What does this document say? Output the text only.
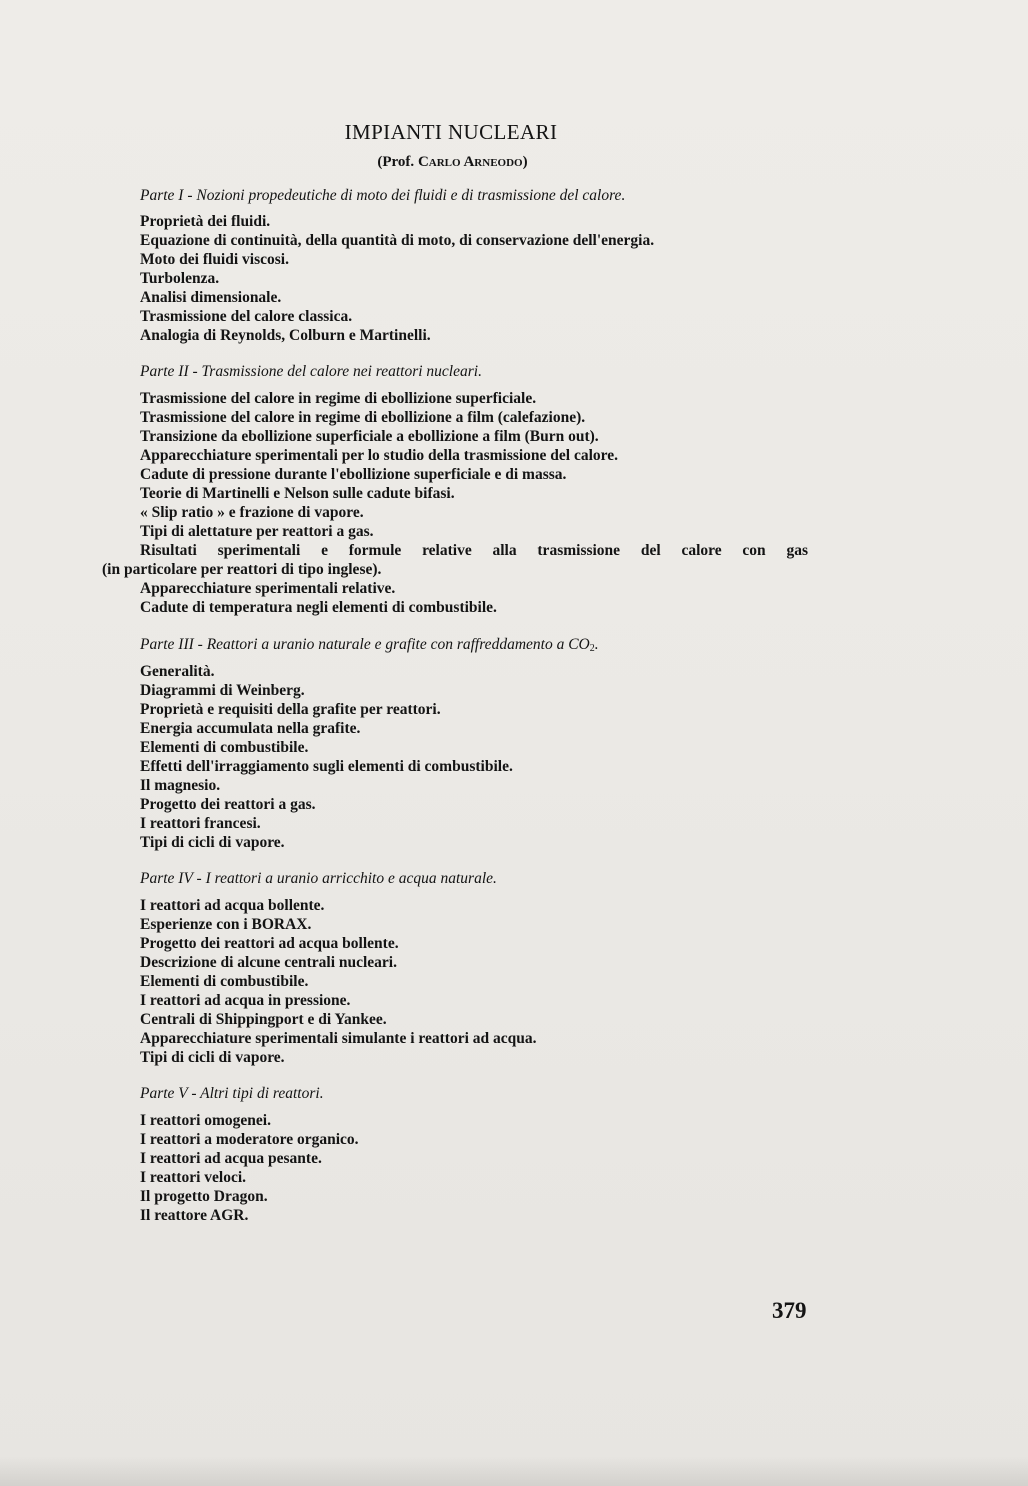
IMPIANTI NUCLEARI
(Prof. Carlo Arneodo)
Parte I - Nozioni propedeutiche di moto dei fluidi e di trasmissione del calore.
Proprietà dei fluidi.
Equazione di continuità, della quantità di moto, di conservazione dell'energia.
Moto dei fluidi viscosi.
Turbolenza.
Analisi dimensionale.
Trasmissione del calore classica.
Analogia di Reynolds, Colburn e Martinelli.
Parte II - Trasmissione del calore nei reattori nucleari.
Trasmissione del calore in regime di ebollizione superficiale.
Trasmissione del calore in regime di ebollizione a film (calefazione).
Transizione da ebollizione superficiale a ebollizione a film (Burn out).
Apparecchiature sperimentali per lo studio della trasmissione del calore.
Cadute di pressione durante l'ebollizione superficiale e di massa.
Teorie di Martinelli e Nelson sulle cadute bifasi.
« Slip ratio » e frazione di vapore.
Tipi di alettature per reattori a gas.
Risultati sperimentali e formule relative alla trasmissione del calore con gas
(in particolare per reattori di tipo inglese).
Apparecchiature sperimentali relative.
Cadute di temperatura negli elementi di combustibile.
Parte III - Reattori a uranio naturale e grafite con raffreddamento a $CO_2$.
Generalità.
Diagrammi di Weinberg.
Proprietà e requisiti della grafite per reattori.
Energia accumulata nella grafite.
Elementi di combustibile.
Effetti dell'irraggiamento sugli elementi di combustibile.
Il magnesio.
Progetto dei reattori a gas.
I reattori francesi.
Tipi di cicli di vapore.
Parte IV - I reattori a uranio arricchito e acqua naturale.
I reattori ad acqua bollente.
Esperienze con i BORAX.
Progetto dei reattori ad acqua bollente.
Descrizione di alcune centrali nucleari.
Elementi di combustibile.
I reattori ad acqua in pressione.
Centrali di Shippingport e di Yankee.
Apparecchiature sperimentali simulante i reattori ad acqua.
Tipi di cicli di vapore.
Parte V - Altri tipi di reattori.
I reattori omogenei.
I reattori a moderatore organico.
I reattori ad acqua pesante.
I reattori veloci.
Il progetto Dragon.
Il reattore AGR.
379
